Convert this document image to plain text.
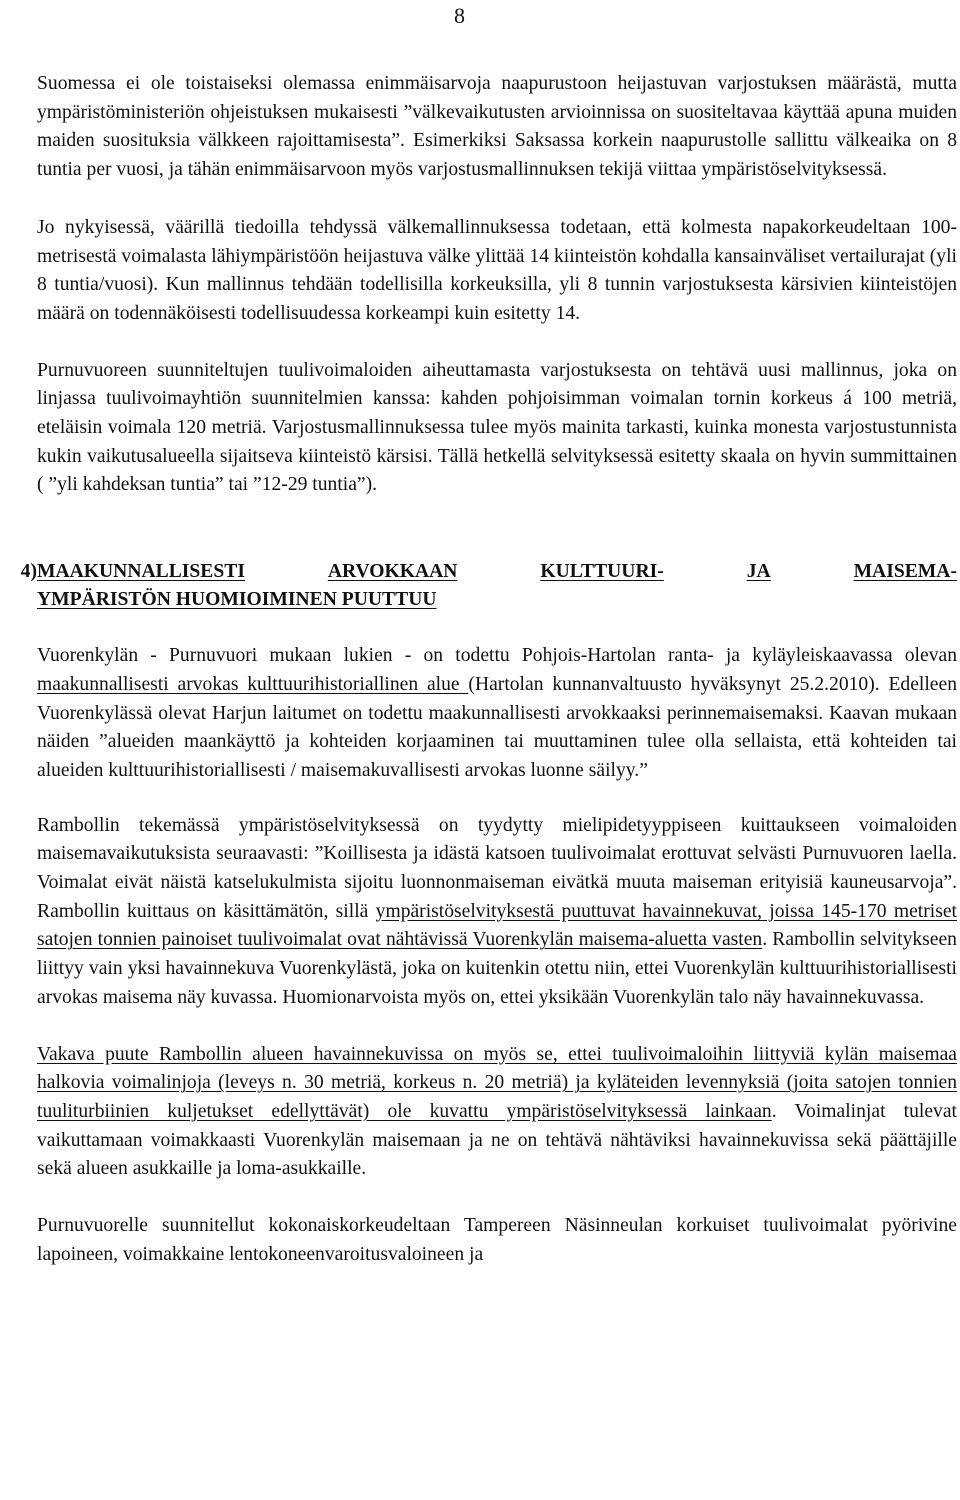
8

Suomessa ei ole toistaiseksi olemassa enimmäisarvoja naapurustoon heijastuvan varjostuksen määrästä, mutta ympäristöministeriön ohjeistuksen mukaisesti ”välkevaikutusten arvioinnissa on suositeltavaa käyttää apuna muiden maiden suosituksia välkkeen rajoittamisesta”. Esimerkiksi Saksassa korkein naapurustolle sallittu välkeaika on 8 tuntia per vuosi, ja tähän enimmäisarvoon myös varjostusmallinnuksen tekijä viittaa ympäristöselvityksessä.

Jo nykyisessä, väärillä tiedoilla tehdyssä välkemallinnuksessa todetaan, että kolmesta napakorkeudeltaan 100-metrisestä voimalasta lähiympäristöön heijastuva välke ylittää 14 kiinteistön kohdalla kansainväliset vertailurajat (yli 8 tuntia/vuosi). Kun mallinnus tehdään todellisilla korkeuksilla, yli 8 tunnin varjostuksesta kärsivien kiinteistöjen määrä on todennäköisesti todellisuudessa korkeampi kuin esitetty 14.

Purnuvuoreen suunniteltujen tuulivoimaloiden aiheuttamasta varjostuksesta on tehtävä uusi mallinnus, joka on linjassa tuulivoimayhtiön suunnitelmien kanssa: kahden pohjoisimman voimalan tornin korkeus á 100 metriä, eteläisin voimala 120 metriä. Varjostusmallinnuksessa tulee myös mainita tarkasti, kuinka monesta varjostustunnista kukin vaikutusalueella sijaitseva kiinteistö kärsisi. Tällä hetkellä selvityksessä esitetty skaala on hyvin summittainen ( ”yli kahdeksan tuntia” tai ”12-29 tuntia”).

4) MAAKUNNALLISESTI	ARVOKKAAN	KULTTUURI-	JA	MAISEMA-
YMPÄRISTÖN HUOMIOIMINEN PUUTTUU

Vuorenkylän - Purnuvuori mukaan lukien - on todettu Pohjois-Hartolan ranta- ja kyläyleiskaavassa olevan maakunnallisesti arvokas kulttuurihistoriallinen alue (Hartolan kunnanvaltuusto hyväksynyt 25.2.2010). Edelleen Vuorenkylässä olevat Harjun laitumet on todettu maakunnallisesti arvokkaaksi perinnemaisemaksi. Kaavan mukaan näiden ”alueiden maankäyttö ja kohteiden korjaaminen tai muuttaminen tulee olla sellaista, että kohteiden tai alueiden kulttuurihistoriallisesti / maisemakuvallisesti arvokas luonne säilyy.”

Rambollin tekemässä ympäristöselvityksessä on tyydytty mielipidetyyppiseen kuittaukseen voimaloiden maisemavaikutuksista seuraavasti: ”Koillisesta ja idästä katsoen tuulivoimalat erottuvat selvästi Purnuvuoren laella. Voimalat eivät näistä katselukulmista sijoitu luonnonmaiseman eivätkä muuta maiseman erityisiä kauneusarvoja”. Rambollin kuittaus on käsittämätön, sillä ympäristöselvityksestä puuttuvat havainnekuvat, joissa 145-170 metriset satojen tonnien painoiset tuulivoimalat ovat nähtävissä Vuorenkylän maisema-aluetta vasten. Rambollin selvitykseen liittyy vain yksi havainnekuva Vuorenkylästä, joka on kuitenkin otettu niin, ettei Vuorenkylän kulttuurihistoriallisesti arvokas maisema näy kuvassa. Huomionarvoista myös on, ettei yksikään Vuorenkylän talo näy havainnekuvassa.

Vakava puute Rambollin alueen havainnekuvissa on myös se, ettei tuulivoimaloihin liittyviä kylän maisemaa halkovia voimalinjoja (leveys n. 30 metriä, korkeus n. 20 metriä) ja kyläteiden levennyksiä (joita satojen tonnien tuuliturbiinien kuljetukset edellyttävät) ole kuvattu ympäristöselvityksessä lainkaan. Voimalinjat tulevat vaikuttamaan voimakkaasti Vuorenkylän maisemaan ja ne on tehtävä nähtäviksi havainnekuvissa sekä päättäjille sekä alueen asukkaille ja loma-asukkaille.

Purnuvuorelle suunnitellut kokonaiskorkeudeltaan Tampereen Näsinneulan korkuiset tuulivoimalat pyörivine lapoineen, voimakkaine lentokoneenvaroitusvaloineen ja
